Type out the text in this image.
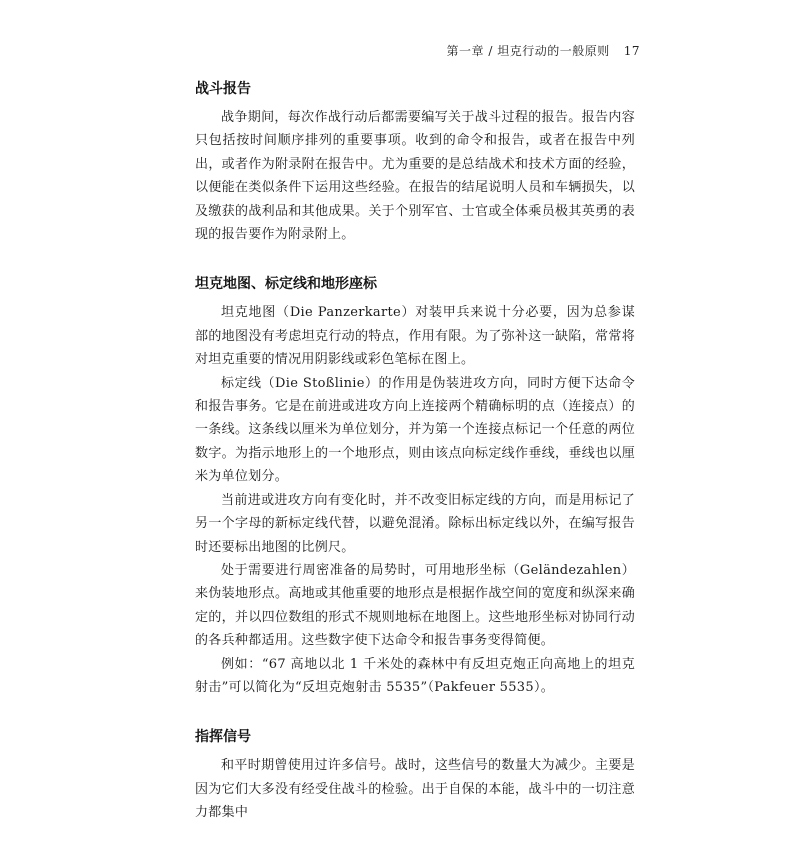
第一章 / 坦克行动的一般原则 17
战斗报告

战争期间，每次作战行动后都需要编写关于战斗过程的报告。报告内容只包括按时间顺序排列的重要事项。收到的命令和报告，或者在报告中列出，或者作为附录附在报告中。尤为重要的是总结战术和技术方面的经验，以便能在类似条件下运用这些经验。在报告的结尾说明人员和车辆损失，以及缴获的战利品和其他成果。关于个别军官、士官或全体乘员极其英勇的表现的报告要作为附录附上。

坦克地图、标定线和地形座标

坦克地图（Die Panzerkarte）对装甲兵来说十分必要，因为总参谋部的地图没有考虑坦克行动的特点，作用有限。为了弥补这一缺陷，常常将对坦克重要的情况用阴影线或彩色笔标在图上。

标定线（Die Stoßlinie）的作用是伪装进攻方向，同时方便下达命令和报告事务。它是在前进或进攻方向上连接两个精确标明的点（连接点）的一条线。这条线以厘米为单位划分，并为第一个连接点标记一个任意的两位数字。为指示地形上的一个地形点，则由该点向标定线作垂线，垂线也以厘米为单位划分。

当前进或进攻方向有变化时，并不改变旧标定线的方向，而是用标记了另一个字母的新标定线代替，以避免混淆。除标出标定线以外，在编写报告时还要标出地图的比例尺。

处于需要进行周密准备的局势时，可用地形坐标（Geländezahlen）来伪装地形点。高地或其他重要的地形点是根据作战空间的宽度和纵深来确定的，并以四位数组的形式不规则地标在地图上。这些地形坐标对协同行动的各兵种都适用。这些数字使下达命令和报告事务变得简便。

例如：“67 高地以北 1 千米处的森林中有反坦克炮正向高地上的坦克射击”可以简化为“反坦克炮射击 5535”（Pakfeuer 5535）。

指挥信号

和平时期曾使用过许多信号。战时，这些信号的数量大为减少。主要是因为它们大多没有经受住战斗的检验。出于自保的本能，战斗中的一切注意力都集中
